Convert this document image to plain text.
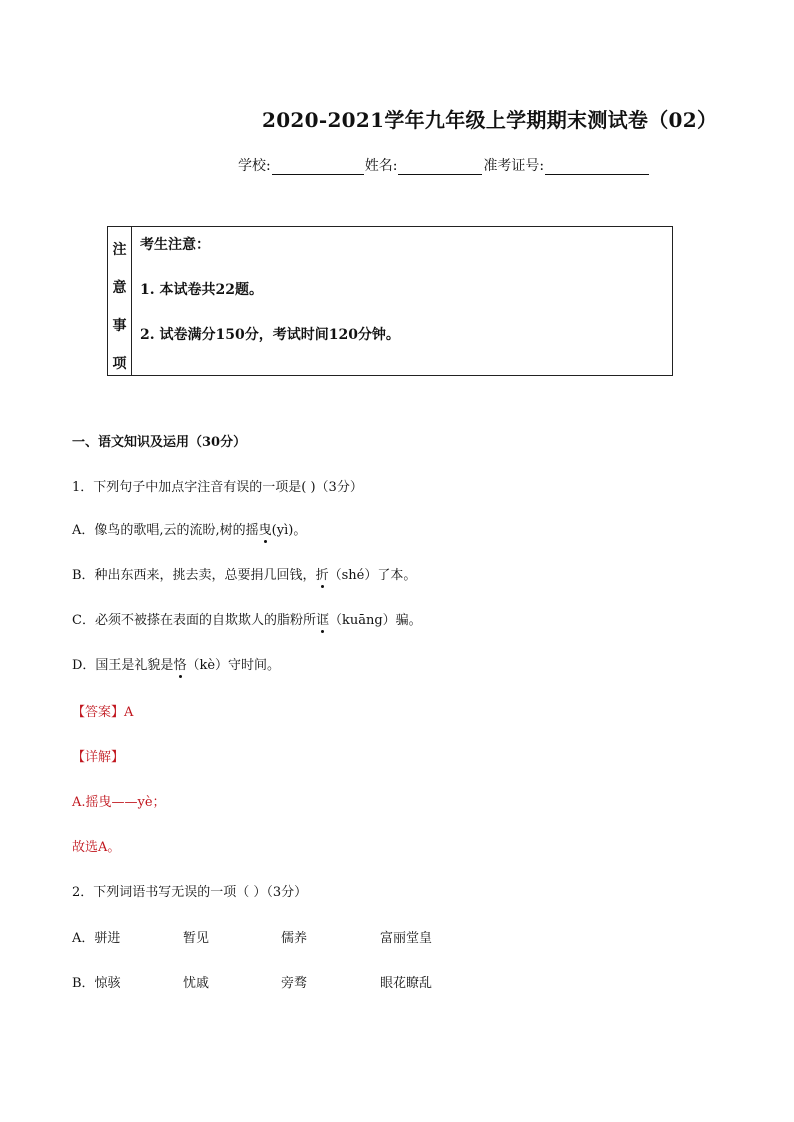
2020-2021学年九年级上学期期末测试卷（02）
学校:	姓名:	准考证号:
注
意
事
项
考生注意：
1. 本试卷共22题。
2. 试卷满分150分，考试时间120分钟。
一、语文知识及运用（30分）
1．下列句子中加点字注音有误的一项是( )（3分）
A．像鸟的歌唱,云的流盼,树的摇曳(yì)。
B．种出东西来，挑去卖，总要捐几回钱，折（shé）了本。
C．必须不被搽在表面的自欺欺人的脂粉所诓（kuāng）骗。
D．国王是礼貌是恪（kè）守时间。
【答案】A
【详解】
A.摇曳——yè；
故选A。
2．下列词语书写无误的一项（ ）（3分）
A．骈进	暂见	儒养	富丽堂皇
B．惊骇	忧戚	旁骛	眼花瞭乱
